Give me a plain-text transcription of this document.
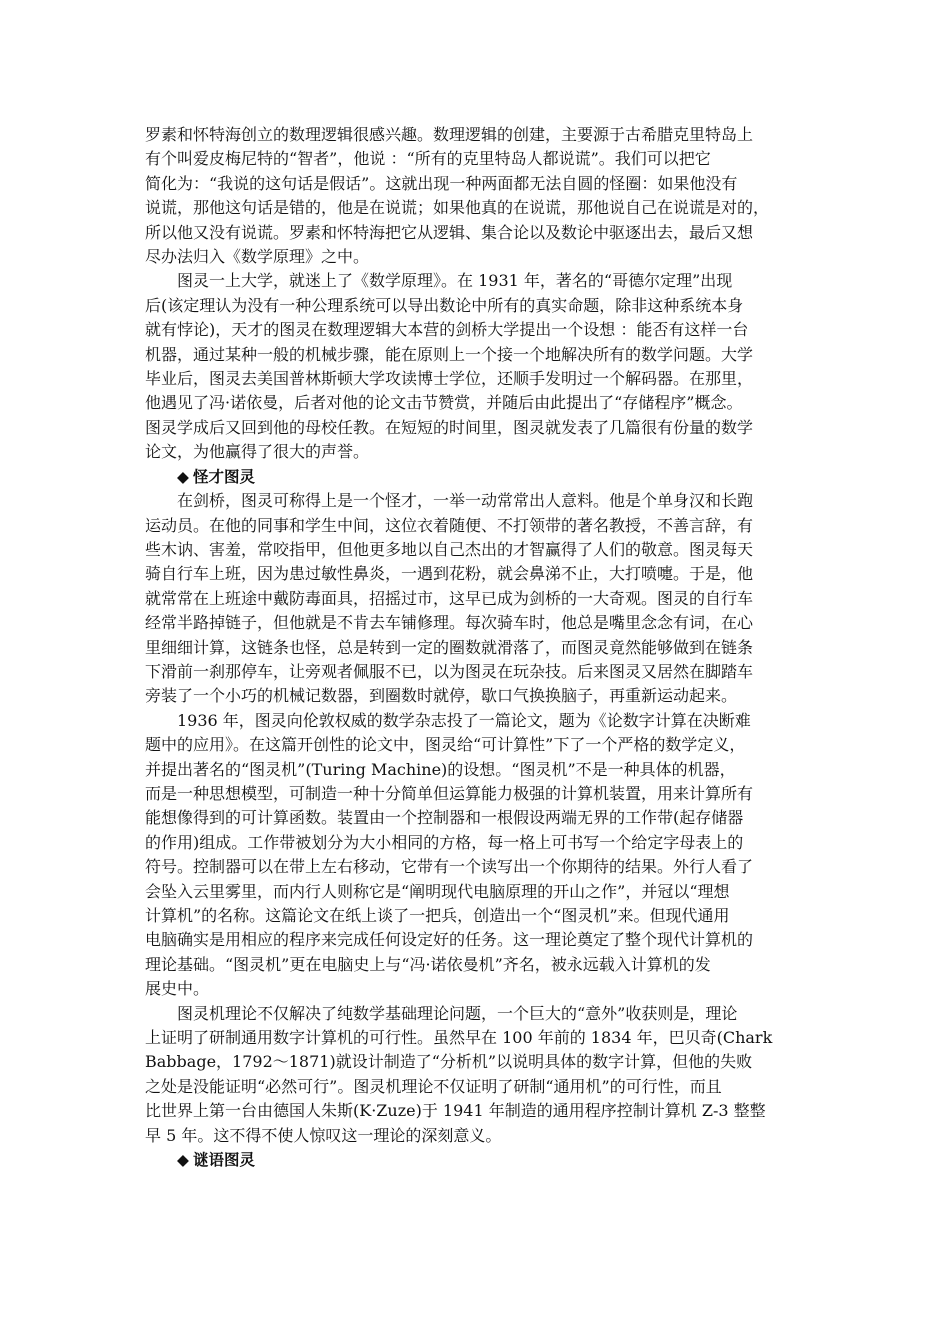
罗素和怀特海创立的数理逻辑很感兴趣。数理逻辑的创建，主要源于古希腊克里特岛上
有个叫爱皮梅尼特的“智者”，他说 ：“所有的克里特岛人都说谎”。我们可以把它
简化为：“我说的这句话是假话”。这就出现一种两面都无法自圆的怪圈：如果他没有
说谎，那他这句话是错的，他是在说谎；如果他真的在说谎，那他说自己在说谎是对的，
所以他又没有说谎。罗素和怀特海把它从逻辑、集合论以及数论中驱逐出去，最后又想
尽办法归入《数学原理》之中。
图灵一上大学，就迷上了《数学原理》。在 1931 年，著名的“哥德尔定理”出现
后(该定理认为没有一种公理系统可以导出数论中所有的真实命题，除非这种系统本身
就有悖论)，天才的图灵在数理逻辑大本营的剑桥大学提出一个设想 ：能否有这样一台
机器，通过某种一般的机械步骤，能在原则上一个接一个地解决所有的数学问题。大学
毕业后，图灵去美国普林斯顿大学攻读博士学位，还顺手发明过一个解码器。在那里，
他遇见了冯·诺依曼，后者对他的论文击节赞赏，并随后由此提出了“存储程序”概念。
图灵学成后又回到他的母校任教。在短短的时间里，图灵就发表了几篇很有份量的数学
论文，为他赢得了很大的声誉。
◆ 怪才图灵
在剑桥，图灵可称得上是一个怪才，一举一动常常出人意料。他是个单身汉和长跑
运动员。在他的同事和学生中间，这位衣着随便、不打领带的著名教授，不善言辞，有
些木讷、害羞，常咬指甲，但他更多地以自己杰出的才智赢得了人们的敬意。图灵每天
骑自行车上班，因为患过敏性鼻炎，一遇到花粉，就会鼻涕不止，大打喷嚏。于是，他
就常常在上班途中戴防毒面具，招摇过市，这早已成为剑桥的一大奇观。图灵的自行车
经常半路掉链子，但他就是不肯去车铺修理。每次骑车时，他总是嘴里念念有词，在心
里细细计算，这链条也怪，总是转到一定的圈数就滑落了，而图灵竟然能够做到在链条
下滑前一刹那停车，让旁观者佩服不已，以为图灵在玩杂技。后来图灵又居然在脚踏车
旁装了一个小巧的机械记数器，到圈数时就停，歇口气换换脑子，再重新运动起来。
1936 年，图灵向伦敦权威的数学杂志投了一篇论文，题为《论数字计算在决断难
题中的应用》。在这篇开创性的论文中，图灵给“可计算性”下了一个严格的数学定义，
并提出著名的“图灵机”(Turing Machine)的设想。“图灵机”不是一种具体的机器，
而是一种思想模型，可制造一种十分简单但运算能力极强的计算机装置，用来计算所有
能想像得到的可计算函数。装置由一个控制器和一根假设两端无界的工作带(起存储器
的作用)组成。工作带被划分为大小相同的方格，每一格上可书写一个给定字母表上的
符号。控制器可以在带上左右移动，它带有一个读写出一个你期待的结果。外行人看了
会坠入云里雾里，而内行人则称它是“阐明现代电脑原理的开山之作”，并冠以“理想
计算机”的名称。这篇论文在纸上谈了一把兵，创造出一个“图灵机”来。但现代通用
电脑确实是用相应的程序来完成任何设定好的任务。这一理论奠定了整个现代计算机的
理论基础。“图灵机”更在电脑史上与“冯·诺依曼机”齐名，被永远载入计算机的发
展史中。
图灵机理论不仅解决了纯数学基础理论问题，一个巨大的“意外”收获则是，理论
上证明了研制通用数字计算机的可行性。虽然早在 100 年前的 1834 年，巴贝奇(Chark
Babbage，1792～1871)就设计制造了“分析机”以说明具体的数字计算，但他的失败
之处是没能证明“必然可行”。图灵机理论不仅证明了研制“通用机”的可行性，而且
比世界上第一台由德国人朱斯(K·Zuze)于 1941 年制造的通用程序控制计算机 Z-3 整整
早 5 年。这不得不使人惊叹这一理论的深刻意义。
◆ 谜语图灵
